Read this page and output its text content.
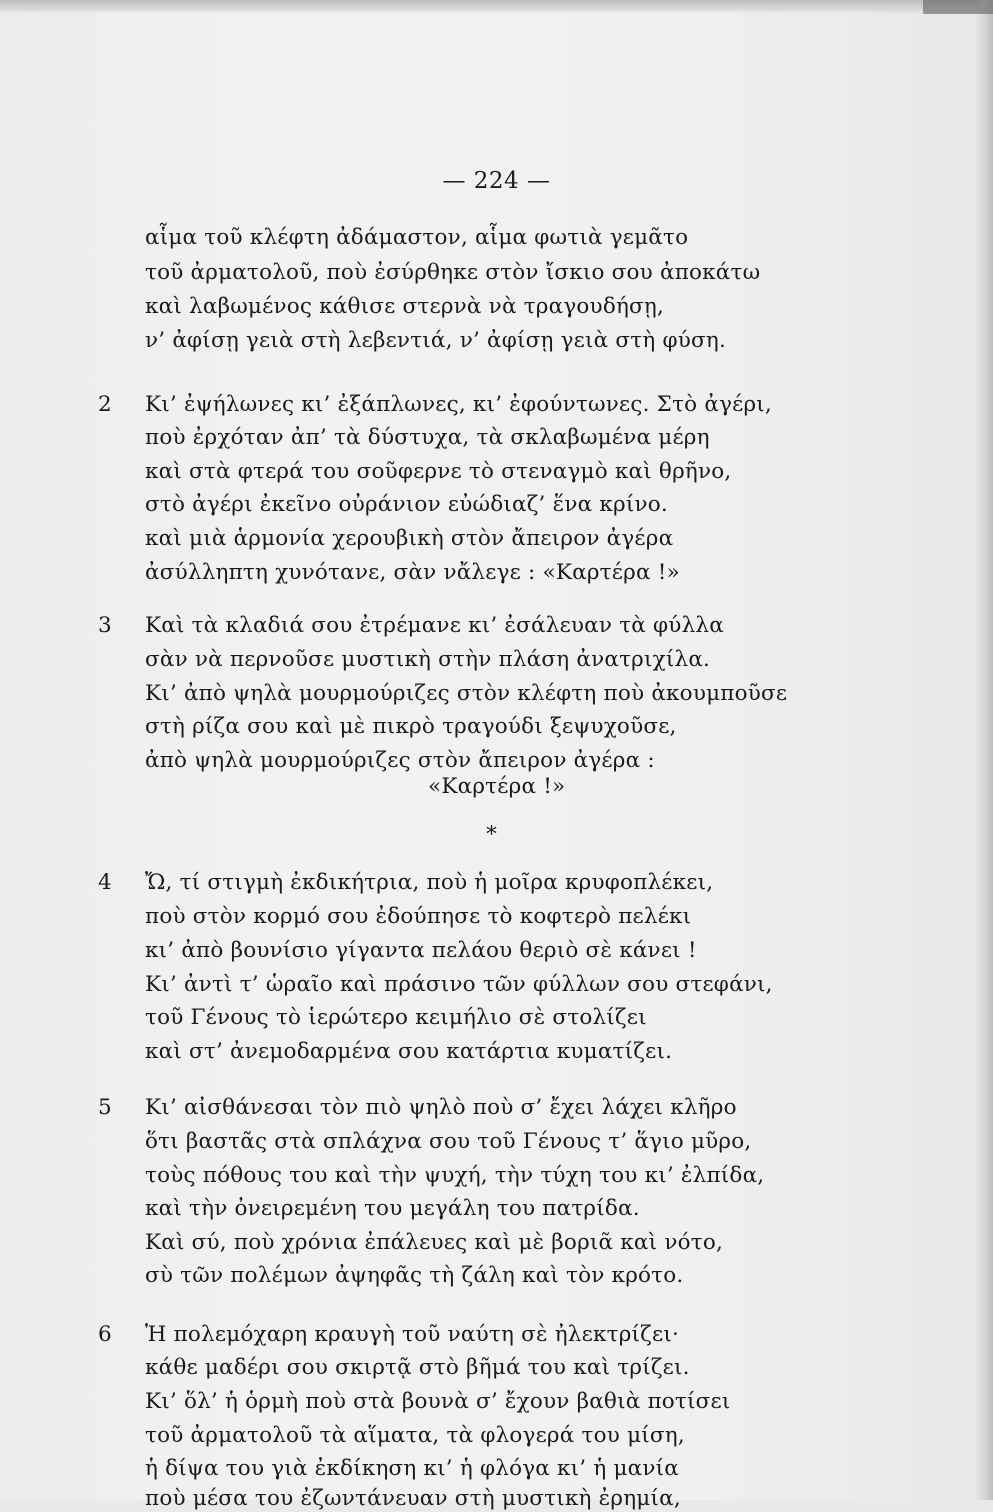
— 224 —
αἷμα τοῦ κλέφτη ἀδάμαστον, αἷμα φωτιὰ γεμᾶτο
τοῦ ἀρματολοῦ, ποὺ ἐσύρθηκε στὸν ἴσκιο σου ἀποκάτω
καὶ λαβωμένος κάθισε στερνὰ νὰ τραγουδήσῃ,
ν’ ἀφίσῃ γειὰ στὴ λεβεντιά, ν’ ἀφίσῃ γειὰ στὴ φύση.
2 Κι’ ἐψήλωνες κι’ ἐξάπλωνες, κι’ ἐφούντωνες. Στὸ ἀγέρι,
ποὺ ἐρχόταν ἀπ’ τὰ δύστυχα, τὰ σκλαβωμένα μέρη
καὶ στὰ φτερά του σοῦφερνε τὸ στεναγμὸ καὶ θρῆνο,
στὸ ἀγέρι ἐκεῖνο οὐράνιον εὐώδιαζ’ ἕνα κρίνο.
καὶ μιὰ ἁρμονία χερουβικὴ στὸν ἄπειρον ἀγέρα
ἀσύλληπτη χυνότανε, σὰν νἄλεγε : «Καρτέρα !»
3 Καὶ τὰ κλαδιά σου ἐτρέμανε κι’ ἐσάλευαν τὰ φύλλα
σὰν νὰ περνοῦσε μυστικὴ στὴν πλάση ἀνατριχίλα.
Κι’ ἀπὸ ψηλὰ μουρμούριζες στὸν κλέφτη ποὺ ἀκουμποῦσε
στὴ ρίζα σου καὶ μὲ πικρὸ τραγούδι ξεψυχοῦσε,
ἀπὸ ψηλὰ μουρμούριζες στὸν ἄπειρον ἀγέρα :
«Καρτέρα !»
*
4 Ὤ, τί στιγμὴ ἐκδικήτρια, ποὺ ἡ μοῖρα κρυφοπλέκει,
ποὺ στὸν κορμό σου ἐδούπησε τὸ κοφτερὸ πελέκι
κι’ ἀπὸ βουνίσιο γίγαντα πελάου θεριὸ σὲ κάνει !
Κι’ ἀντὶ τ’ ὡραῖο καὶ πράσινο τῶν φύλλων σου στεφάνι,
τοῦ Γένους τὸ ἱερώτερο κειμήλιο σὲ στολίζει
καὶ στ’ ἀνεμοδαρμένα σου κατάρτια κυματίζει.
5 Κι’ αἰσθάνεσαι τὸν πιὸ ψηλὸ ποὺ σ’ ἔχει λάχει κλῆρο
ὅτι βαστᾶς στὰ σπλάχνα σου τοῦ Γένους τ’ ἅγιο μῦρο,
τοὺς πόθους του καὶ τὴν ψυχή, τὴν τύχη του κι’ ἐλπίδα,
καὶ τὴν ὀνειρεμένη του μεγάλη του πατρίδα.
Καὶ σύ, ποὺ χρόνια ἐπάλευες καὶ μὲ βοριᾶ καὶ νότο,
σὺ τῶν πολέμων ἀψηφᾶς τὴ ζάλη καὶ τὸν κρότο.
6 Ἡ πολεμόχαρη κραυγὴ τοῦ ναύτη σὲ ἠλεκτρίζει·
κάθε μαδέρι σου σκιρτᾷ στὸ βῆμά του καὶ τρίζει.
Κι’ ὅλ’ ἡ ὁρμὴ ποὺ στὰ βουνὰ σ’ ἔχουν βαθιὰ ποτίσει
τοῦ ἀρματολοῦ τὰ αἵματα, τὰ φλογερά του μίση,
ἡ δίψα του γιὰ ἐκδίκηση κι’ ἡ φλόγα κι’ ἡ μανία
ποὺ μέσα του ἐζωντάνευαν στὴ μυστικὴ ἐρημία,
